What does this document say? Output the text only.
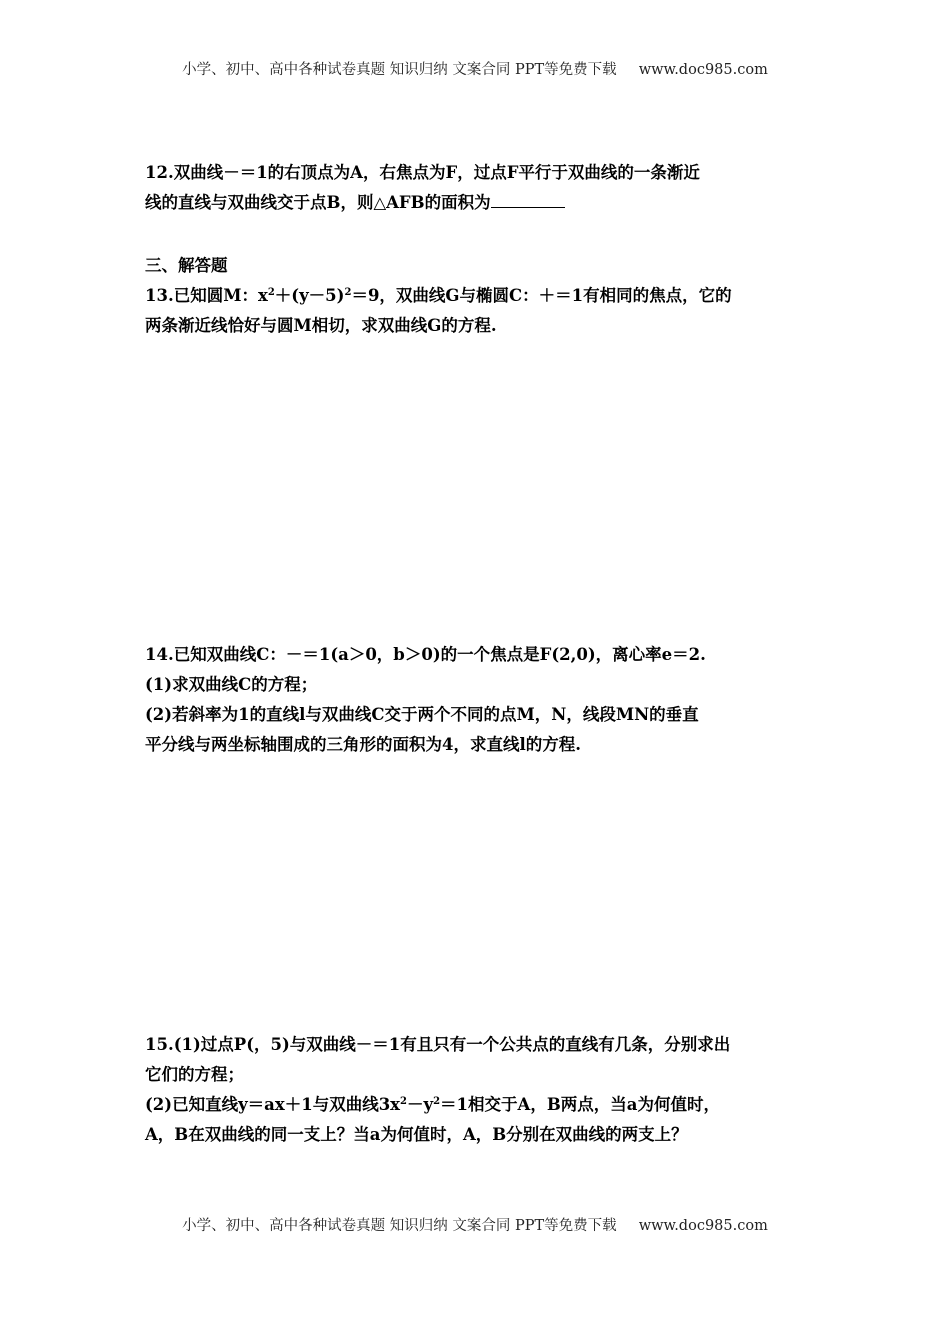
小学、初中、高中各种试卷真题 知识归纳 文案合同 PPT等免费下载 www.doc985.com
12.双曲线－＝1的右顶点为A，右焦点为F，过点F平行于双曲线的一条渐近
线的直线与双曲线交于点B，则△AFB的面积为
三、解答题
13.已知圆M：$x^2+(y-5)^2=9$，双曲线G与椭圆C：＋＝1有相同的焦点，它的
两条渐近线恰好与圆M相切，求双曲线G的方程.
14.已知双曲线C：－＝1(a＞0，b＞0)的一个焦点是F(2,0)，离心率e＝2.
(1)求双曲线C的方程；
(2)若斜率为1的直线l与双曲线C交于两个不同的点M，N，线段MN的垂直
平分线与两坐标轴围成的三角形的面积为4，求直线l的方程.
15.(1)过点P(，5)与双曲线－＝1有且只有一个公共点的直线有几条，分别求出
它们的方程；
(2)已知直线y＝ax＋1与双曲线$3x^2-y^2=1$相交于A，B两点，当a为何值时，
A，B在双曲线的同一支上？当a为何值时，A，B分别在双曲线的两支上？
小学、初中、高中各种试卷真题 知识归纳 文案合同 PPT等免费下载 www.doc985.com
